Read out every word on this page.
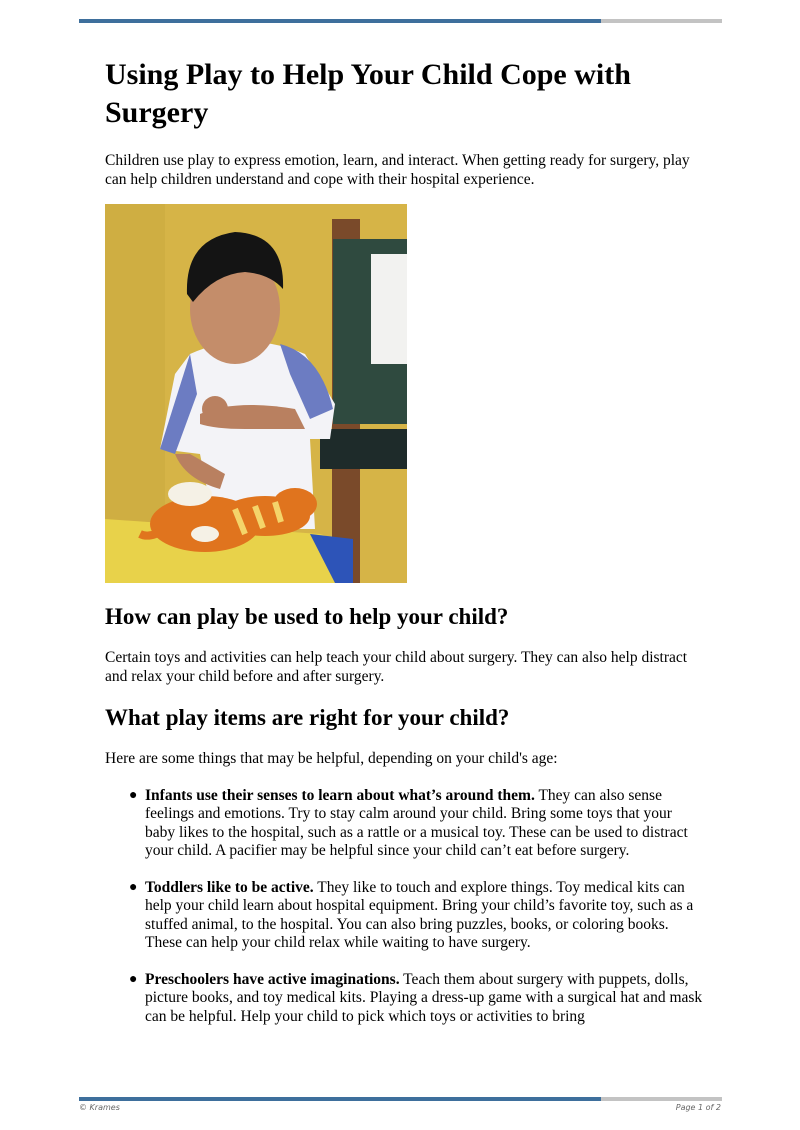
Using Play to Help Your Child Cope with Surgery

Children use play to express emotion, learn, and interact. When getting ready for surgery, play can help children understand and cope with their hospital experience.

How can play be used to help your child?

Certain toys and activities can help teach your child about surgery. They can also help distract and relax your child before and after surgery.

What play items are right for your child?

Here are some things that may be helpful, depending on your child's age:

● Infants use their senses to learn about what’s around them. They can also sense feelings and emotions. Try to stay calm around your child. Bring some toys that your baby likes to the hospital, such as a rattle or a musical toy. These can be used to distract your child. A pacifier may be helpful since your child can’t eat before surgery.
● Toddlers like to be active. They like to touch and explore things. Toy medical kits can help your child learn about hospital equipment. Bring your child’s favorite toy, such as a stuffed animal, to the hospital. You can also bring puzzles, books, or coloring books. These can help your child relax while waiting to have surgery.
● Preschoolers have active imaginations. Teach them about surgery with puppets, dolls, picture books, and toy medical kits. Playing a dress-up game with a surgical hat and mask can be helpful. Help your child to pick which toys or activities to bring
© Krames	Page 1 of 2
